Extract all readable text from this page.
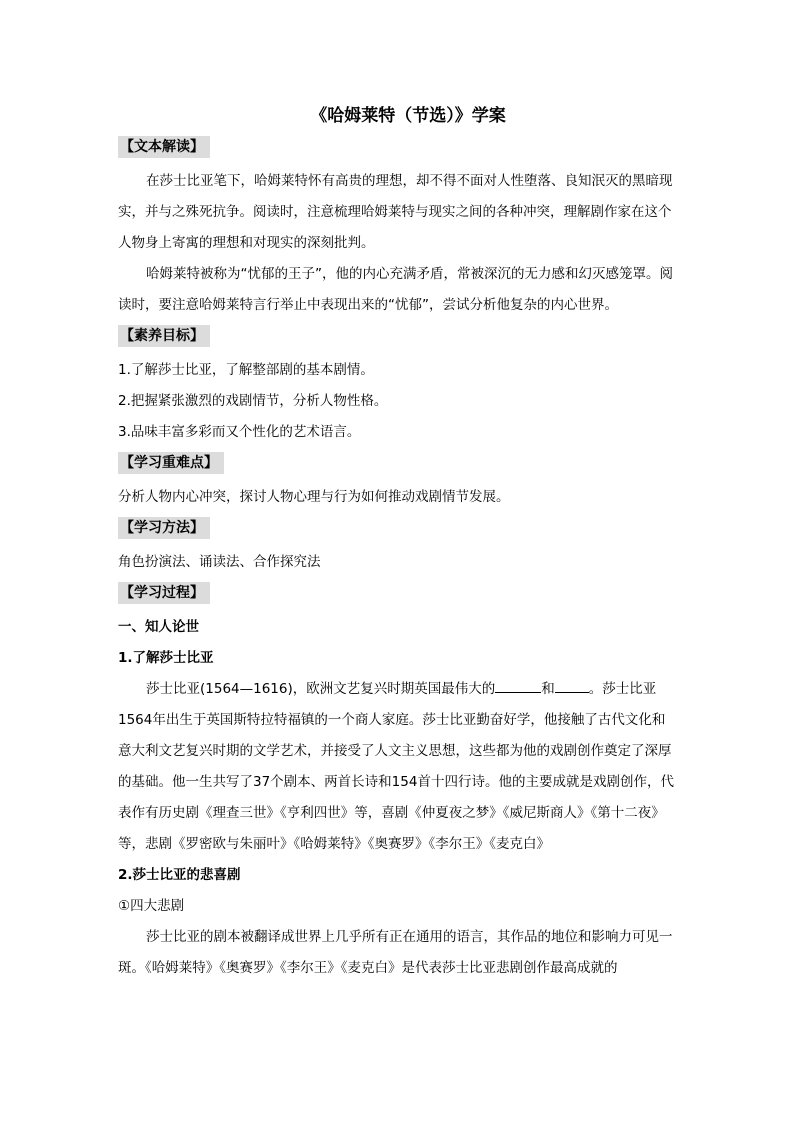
《哈姆莱特（节选）》学案
【文本解读】

在莎士比亚笔下，哈姆莱特怀有高贵的理想，却不得不面对人性堕落、良知泯灭的黑暗现实，并与之殊死抗争。阅读时，注意梳理哈姆莱特与现实之间的各种冲突，理解剧作家在这个人物身上寄寓的理想和对现实的深刻批判。

哈姆莱特被称为“忧郁的王子”，他的内心充满矛盾，常被深沉的无力感和幻灭感笼罩。阅读时，要注意哈姆莱特言行举止中表现出来的“忧郁”，尝试分析他复杂的内心世界。

【素养目标】
1.了解莎士比亚，了解整部剧的基本剧情。
2.把握紧张激烈的戏剧情节，分析人物性格。
3.品味丰富多彩而又个性化的艺术语言。
【学习重难点】

分析人物内心冲突，探讨人物心理与行为如何推动戏剧情节发展。

【学习方法】

角色扮演法、诵读法、合作探究法

【学习过程】

一、知人论世

1.了解莎士比亚

莎士比亚(1564—1616)，欧洲文艺复兴时期英国最伟大的	和	。莎士比亚1564年出生于英国斯特拉特福镇的一个商人家庭。莎士比亚勤奋好学，他接触了古代文化和意大利文艺复兴时期的文学艺术，并接受了人文主义思想，这些都为他的戏剧创作奠定了深厚的基础。他一生共写了37个剧本、两首长诗和154首十四行诗。他的主要成就是戏剧创作，代表作有历史剧《理查三世》《亨利四世》等，喜剧《仲夏夜之梦》《威尼斯商人》《第十二夜》等，悲剧《罗密欧与朱丽叶》《哈姆莱特》《奥赛罗》《李尔王》《麦克白》

2.莎士比亚的悲喜剧

①四大悲剧

莎士比亚的剧本被翻译成世界上几乎所有正在通用的语言，其作品的地位和影响力可见一斑。《哈姆莱特》《奥赛罗》《李尔王》《麦克白》是代表莎士比亚悲剧创作最高成就的
